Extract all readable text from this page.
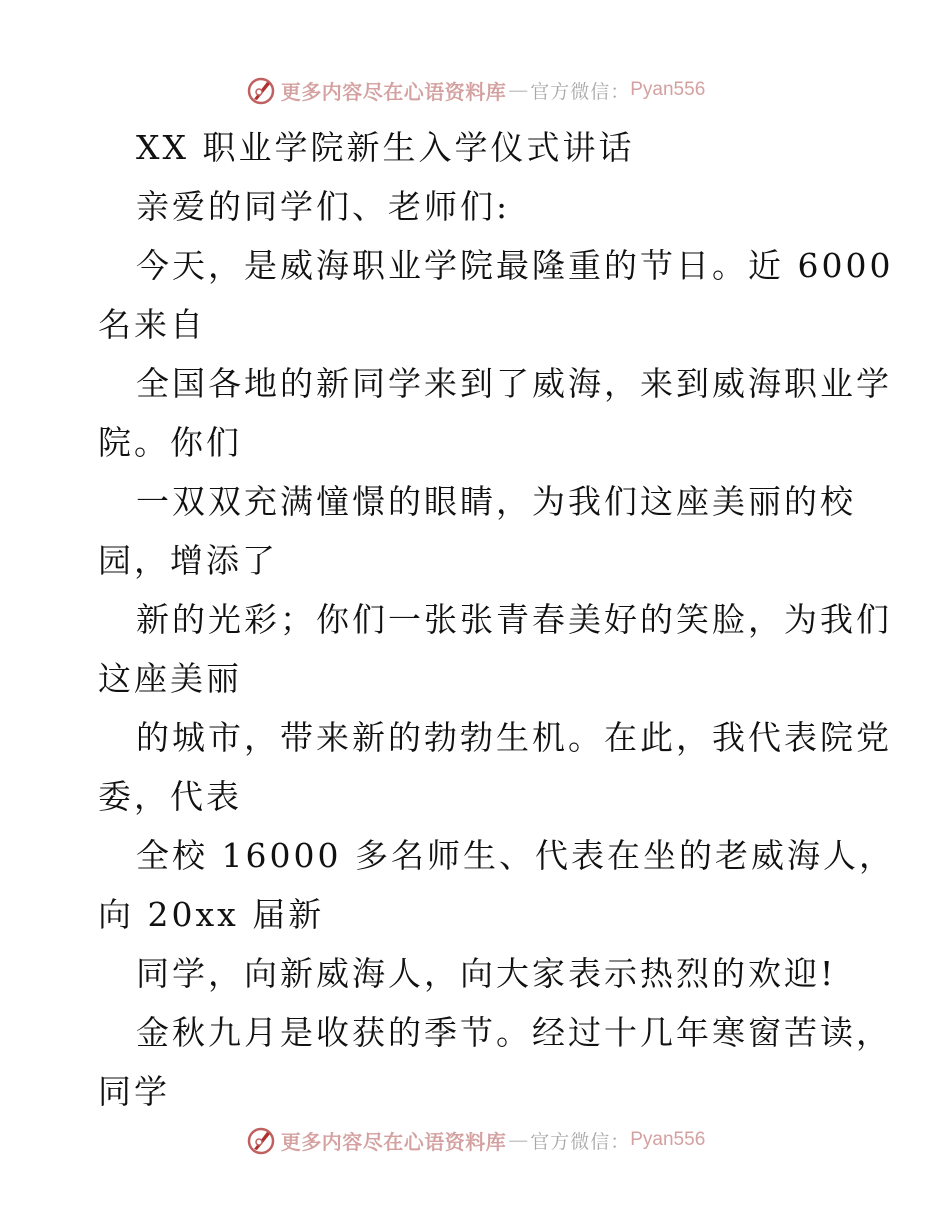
更多内容尽在心语资料库 — 官方微信： Pyan556
XX 职业学院新生入学仪式讲话
亲爱的同学们、老师们:
今天，是威海职业学院最隆重的节日。近 6000
名来自
全国各地的新同学来到了威海，来到威海职业学
院。你们
一双双充满憧憬的眼睛，为我们这座美丽的校
园，增添了
新的光彩；你们一张张青春美好的笑脸，为我们
这座美丽
的城市，带来新的勃勃生机。在此，我代表院党
委，代表
全校 16000 多名师生、代表在坐的老威海人，
向 20xx 届新
同学，向新威海人，向大家表示热烈的欢迎!
金秋九月是收获的季节。经过十几年寒窗苦读，
同学
更多内容尽在心语资料库 — 官方微信： Pyan556
